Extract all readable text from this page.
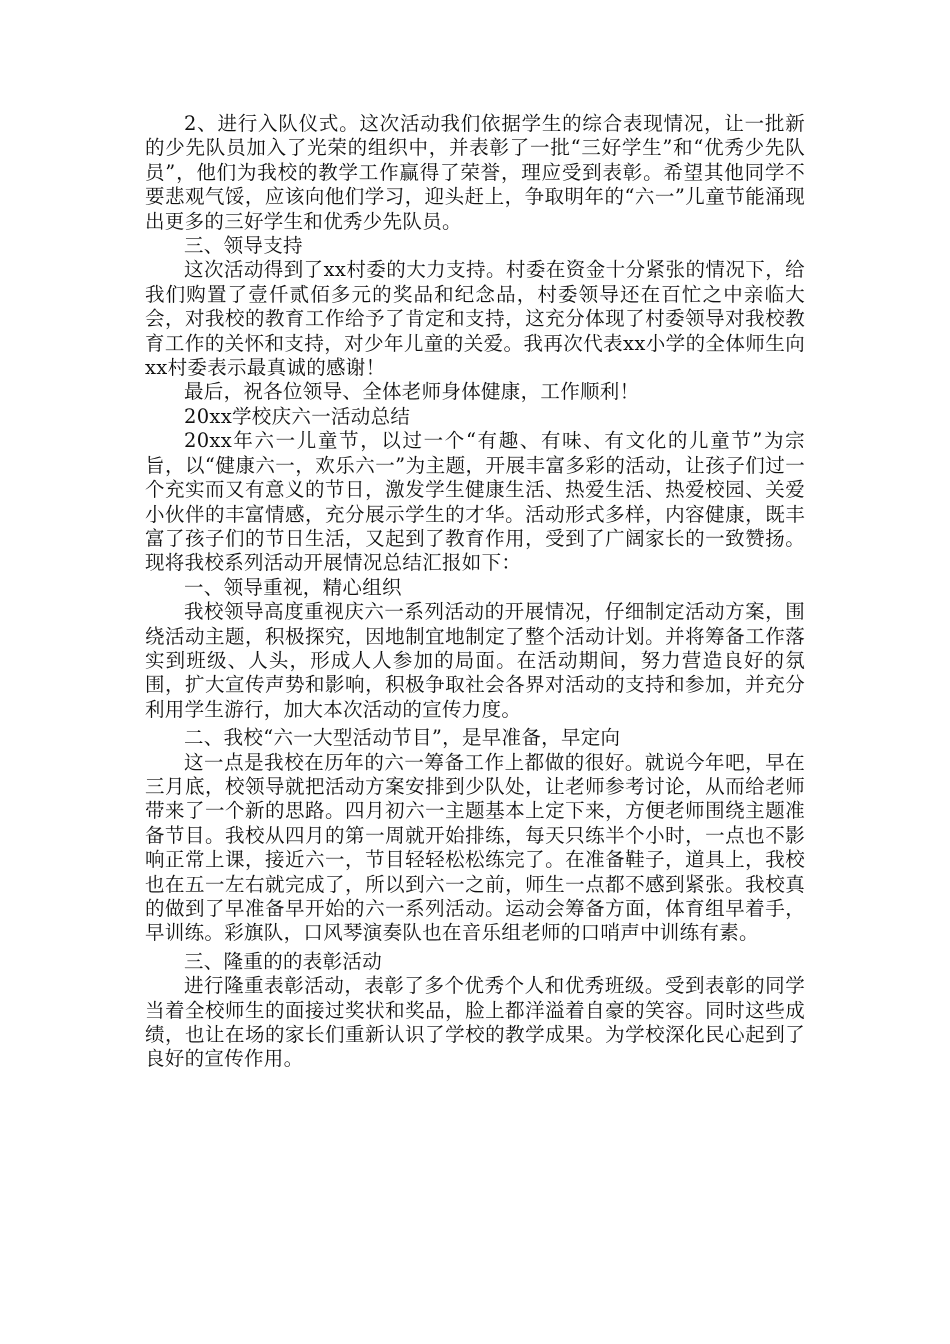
2、进行入队仪式。这次活动我们依据学生的综合表现情况，让一批新的少先队员加入了光荣的组织中，并表彰了一批“三好学生”和“优秀少先队员”，他们为我校的教学工作赢得了荣誉，理应受到表彰。希望其他同学不要悲观气馁，应该向他们学习，迎头赶上，争取明年的“六一”儿童节能涌现出更多的三好学生和优秀少先队员。

三、领导支持

这次活动得到了xx村委的大力支持。村委在资金十分紧张的情况下，给我们购置了壹仟贰佰多元的奖品和纪念品，村委领导还在百忙之中亲临大会，对我校的教育工作给予了肯定和支持，这充分体现了村委领导对我校教育工作的关怀和支持，对少年儿童的关爱。我再次代表xx小学的全体师生向xx村委表示最真诚的感谢！

最后，祝各位领导、全体老师身体健康，工作顺利！

20xx学校庆六一活动总结

20xx年六一儿童节，以过一个“有趣、有味、有文化的儿童节”为宗旨，以“健康六一，欢乐六一”为主题，开展丰富多彩的活动，让孩子们过一个充实而又有意义的节日，激发学生健康生活、热爱生活、热爱校园、关爱小伙伴的丰富情感，充分展示学生的才华。活动形式多样，内容健康，既丰富了孩子们的节日生活，又起到了教育作用，受到了广阔家长的一致赞扬。现将我校系列活动开展情况总结汇报如下：

一、领导重视，精心组织

我校领导高度重视庆六一系列活动的开展情况，仔细制定活动方案，围绕活动主题，积极探究，因地制宜地制定了整个活动计划。并将筹备工作落实到班级、人头，形成人人参加的局面。在活动期间，努力营造良好的氛围，扩大宣传声势和影响，积极争取社会各界对活动的支持和参加，并充分利用学生游行，加大本次活动的宣传力度。

二、我校“六一大型活动节目”，是早准备，早定向

这一点是我校在历年的六一筹备工作上都做的很好。就说今年吧，早在三月底，校领导就把活动方案安排到少队处，让老师参考讨论，从而给老师带来了一个新的思路。四月初六一主题基本上定下来，方便老师围绕主题准备节目。我校从四月的第一周就开始排练，每天只练半个小时，一点也不影响正常上课，接近六一，节目轻轻松松练完了。在准备鞋子，道具上，我校也在五一左右就完成了，所以到六一之前，师生一点都不感到紧张。我校真的做到了早准备早开始的六一系列活动。运动会筹备方面，体育组早着手，早训练。彩旗队，口风琴演奏队也在音乐组老师的口哨声中训练有素。

三、隆重的的表彰活动

进行隆重表彰活动，表彰了多个优秀个人和优秀班级。受到表彰的同学当着全校师生的面接过奖状和奖品，脸上都洋溢着自豪的笑容。同时这些成绩，也让在场的家长们重新认识了学校的教学成果。为学校深化民心起到了良好的宣传作用。
